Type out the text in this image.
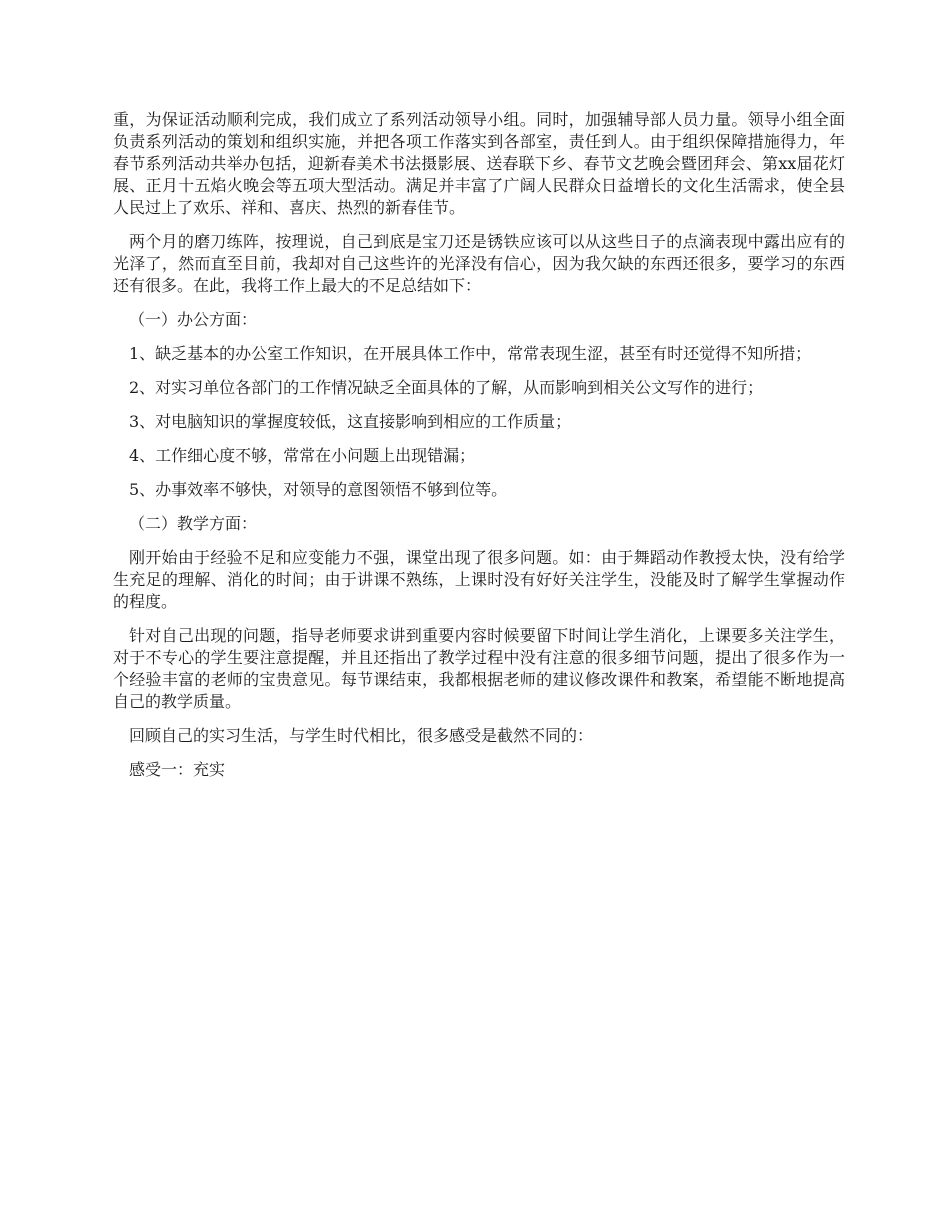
重，为保证活动顺利完成，我们成立了系列活动领导小组。同时，加强辅导部人员力量。领导小组全面负责系列活动的策划和组织实施，并把各项工作落实到各部室，责任到人。由于组织保障措施得力，年春节系列活动共举办包括，迎新春美术书法摄影展、送春联下乡、春节文艺晚会暨团拜会、第xx届花灯展、正月十五焰火晚会等五项大型活动。满足并丰富了广阔人民群众日益增长的文化生活需求，使全县人民过上了欢乐、祥和、喜庆、热烈的新春佳节。

两个月的磨刀练阵，按理说，自己到底是宝刀还是锈铁应该可以从这些日子的点滴表现中露出应有的光泽了，然而直至目前，我却对自己这些许的光泽没有信心，因为我欠缺的东西还很多，要学习的东西还有很多。在此，我将工作上最大的不足总结如下：

（一）办公方面：

1、缺乏基本的办公室工作知识，在开展具体工作中，常常表现生涩，甚至有时还觉得不知所措；

2、对实习单位各部门的工作情况缺乏全面具体的了解，从而影响到相关公文写作的进行；

3、对电脑知识的掌握度较低，这直接影响到相应的工作质量；

4、工作细心度不够，常常在小问题上出现错漏；

5、办事效率不够快，对领导的意图领悟不够到位等。

（二）教学方面：

刚开始由于经验不足和应变能力不强，课堂出现了很多问题。如：由于舞蹈动作教授太快，没有给学生充足的理解、消化的时间；由于讲课不熟练，上课时没有好好关注学生，没能及时了解学生掌握动作的程度。

针对自己出现的问题，指导老师要求讲到重要内容时候要留下时间让学生消化，上课要多关注学生，对于不专心的学生要注意提醒，并且还指出了教学过程中没有注意的很多细节问题，提出了很多作为一个经验丰富的老师的宝贵意见。每节课结束，我都根据老师的建议修改课件和教案，希望能不断地提高自己的教学质量。

回顾自己的实习生活，与学生时代相比，很多感受是截然不同的：

感受一：充实
